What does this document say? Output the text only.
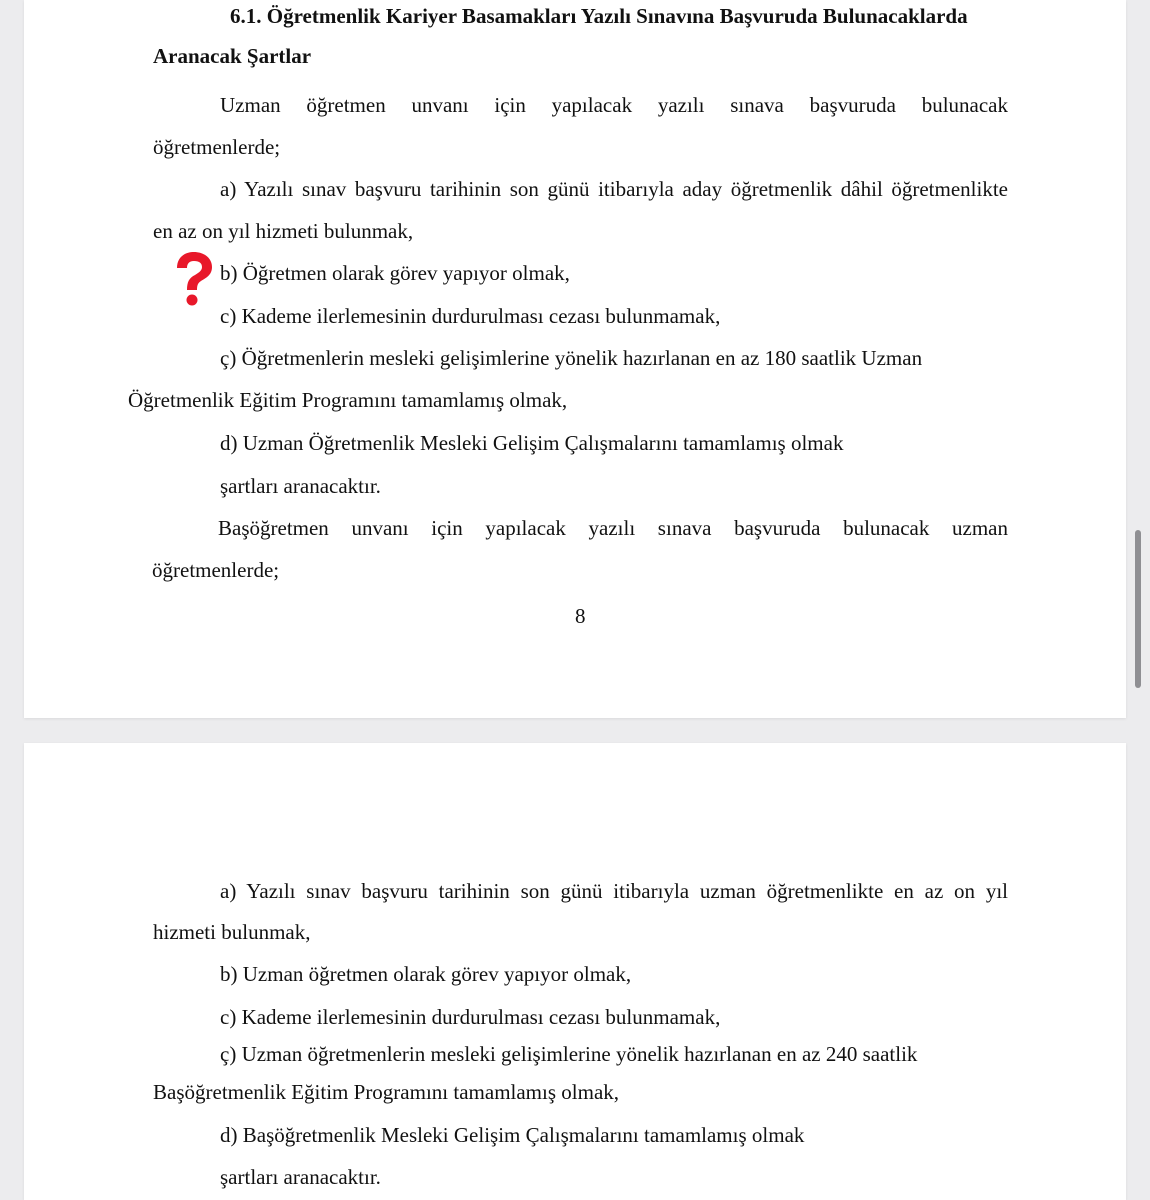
6.1. Öğretmenlik Kariyer Basamakları Yazılı Sınavına Başvuruda Bulunacaklarda
Aranacak Şartlar
Uzman öğretmen unvanı için yapılacak yazılı sınava başvuruda bulunacak
öğretmenlerde;
a) Yazılı sınav başvuru tarihinin son günü itibarıyla aday öğretmenlik dâhil öğretmenlikte
en az on yıl hizmeti bulunmak,
b) Öğretmen olarak görev yapıyor olmak,
c) Kademe ilerlemesinin durdurulması cezası bulunmamak,
ç) Öğretmenlerin mesleki gelişimlerine yönelik hazırlanan en az 180 saatlik Uzman
Öğretmenlik Eğitim Programını tamamlamış olmak,
d) Uzman Öğretmenlik Mesleki Gelişim Çalışmalarını tamamlamış olmak
şartları aranacaktır.
Başöğretmen unvanı için yapılacak yazılı sınava başvuruda bulunacak uzman
öğretmenlerde;
8
a) Yazılı sınav başvuru tarihinin son günü itibarıyla uzman öğretmenlikte en az on yıl
hizmeti bulunmak,
b) Uzman öğretmen olarak görev yapıyor olmak,
c) Kademe ilerlemesinin durdurulması cezası bulunmamak,
ç) Uzman öğretmenlerin mesleki gelişimlerine yönelik hazırlanan en az 240 saatlik
Başöğretmenlik Eğitim Programını tamamlamış olmak,
d) Başöğretmenlik Mesleki Gelişim Çalışmalarını tamamlamış olmak
şartları aranacaktır.
